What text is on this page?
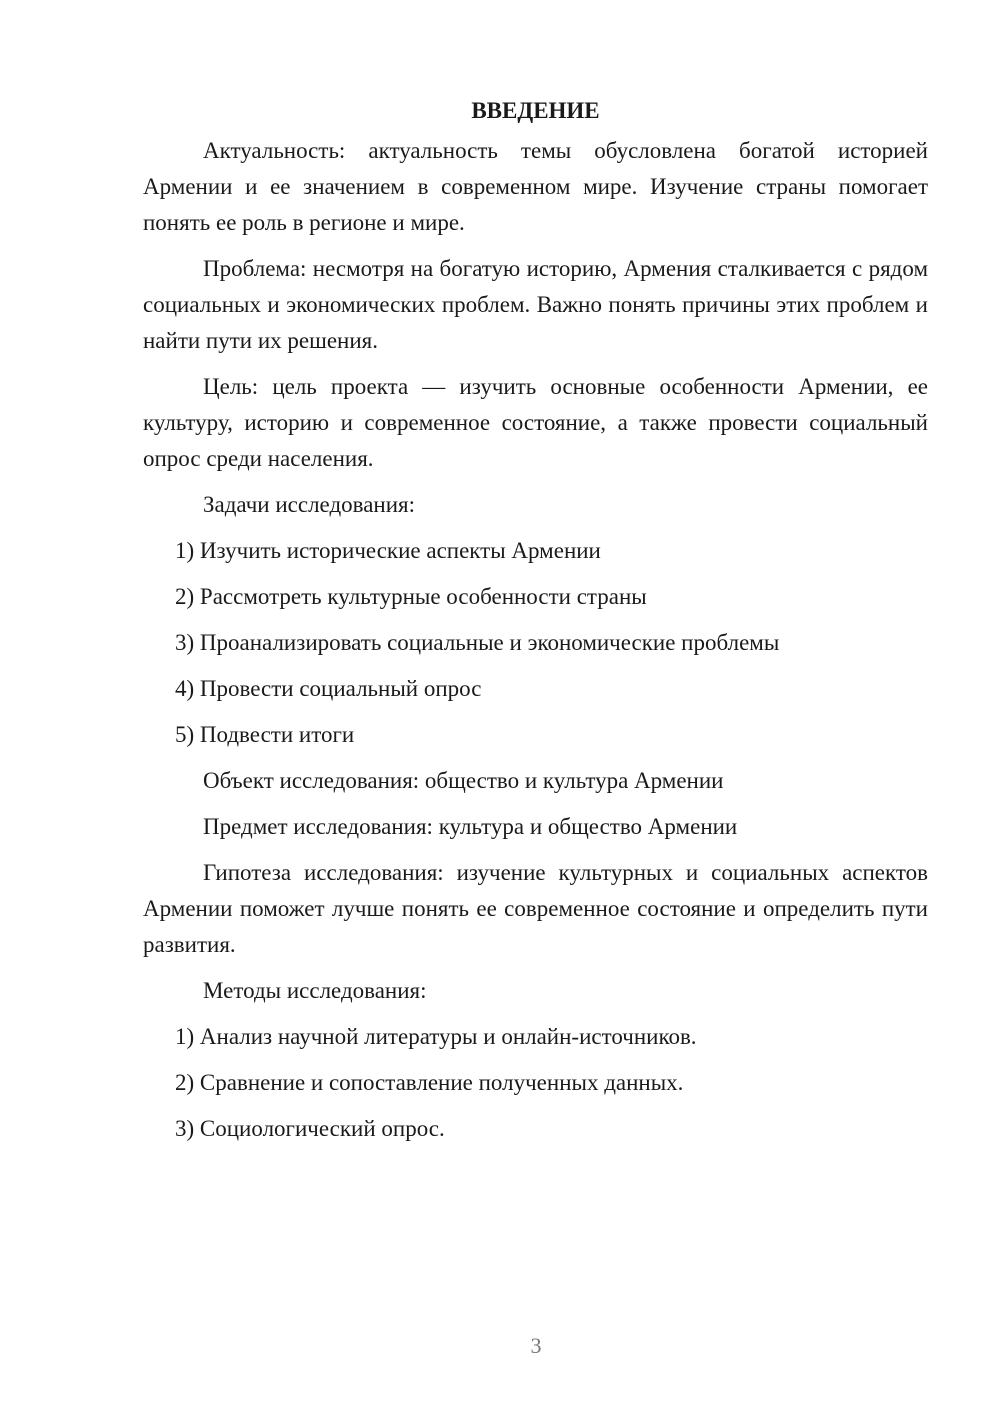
ВВЕДЕНИЕ

Актуальность: актуальность темы обусловлена богатой историей Армении и ее значением в современном мире. Изучение страны помогает понять ее роль в регионе и мире.

Проблема: несмотря на богатую историю, Армения сталкивается с рядом социальных и экономических проблем. Важно понять причины этих проблем и найти пути их решения.

Цель: цель проекта — изучить основные особенности Армении, ее культуру, историю и современное состояние, а также провести социальный опрос среди населения.

Задачи исследования:

1) Изучить исторические аспекты Армении
2) Рассмотреть культурные особенности страны
3) Проанализировать социальные и экономические проблемы
4) Провести социальный опрос
5) Подвести итоги

Объект исследования: общество и культура Армении

Предмет исследования: культура и общество Армении

Гипотеза исследования: изучение культурных и социальных аспектов Армении поможет лучше понять ее современное состояние и определить пути развития.

Методы исследования:

1) Анализ научной литературы и онлайн-источников.
2) Сравнение и сопоставление полученных данных.
3) Социологический опрос.
3
